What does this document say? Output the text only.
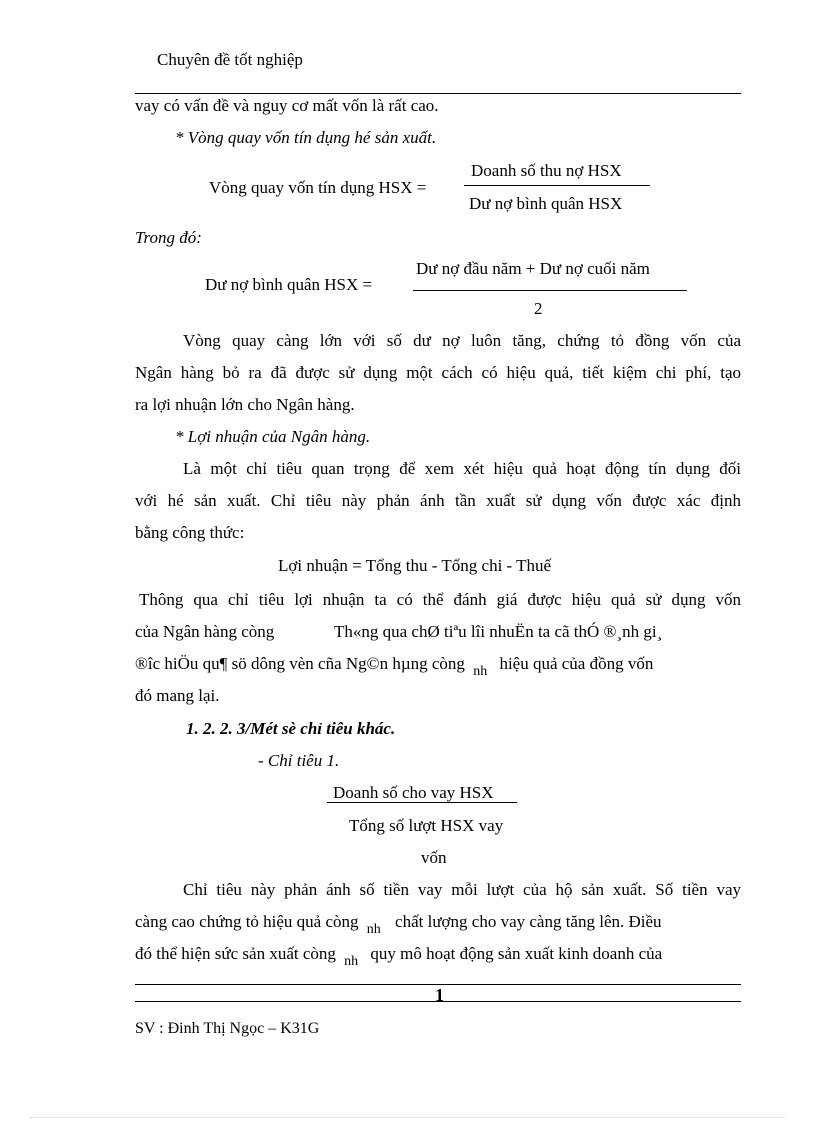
Chuyên đề tốt nghiệp
vay có vấn đề và nguy cơ mất vốn là rất cao.
* Vòng quay vốn tín dụng hé sản xuất.
Vòng quay vốn tín dụng HSX =
Doanh số thu nợ HSX
Dư nợ bình quân HSX
Trong đó:
Dư nợ bình quân HSX =
Dư nợ đầu năm + Dư nợ cuối năm
2
Vòng quay càng lớn với số dư nợ luôn tăng, chứng tỏ đồng vốn của
Ngân hàng bỏ ra đã được sử dụng một cách có hiệu quả, tiết kiệm chi phí, tạo
ra lợi nhuận lớn cho Ngân hàng.
* Lợi nhuận của Ngân hàng.
Là một chỉ tiêu quan trọng để xem xét hiệu quả hoạt động tín dụng đối
với hé sản xuất. Chỉ tiêu này phản ánh tần xuất sử dụng vốn được xác định
bằng công thức:
Lợi nhuận = Tổng thu - Tổng chi - Thuế
Thông qua chỉ tiêu lợi nhuận ta có thể đánh giá được hiệu quả sử dụng vốn
của Ngân hàng còng	Th«ng qua chØ tiªu lîi nhuËn ta cã thÓ ®¸nh gi¸
®îc hiÖu qu¶ sö dông vèn cña Ng©n hµng còng $_{nh}$ hiệu quả của đồng vốn
đó mang lại.
1. 2. 2. 3/Mét sè chỉ tiêu khác.
- Chỉ tiêu 1.
Doanh số cho vay HSX
Tổng số lượt HSX vay
vốn
Chỉ tiêu này phản ánh số tiền vay mỗi lượt của hộ sản xuất. Số tiền vay
càng cao chứng tỏ hiệu quả còng $_{nh}$ chất lượng cho vay càng tăng lên. Điều
đó thể hiện sức sản xuất còng $_{nh}$ quy mô hoạt động sản xuất kinh doanh của
1
SV : Đinh Thị Ngọc – K31G
